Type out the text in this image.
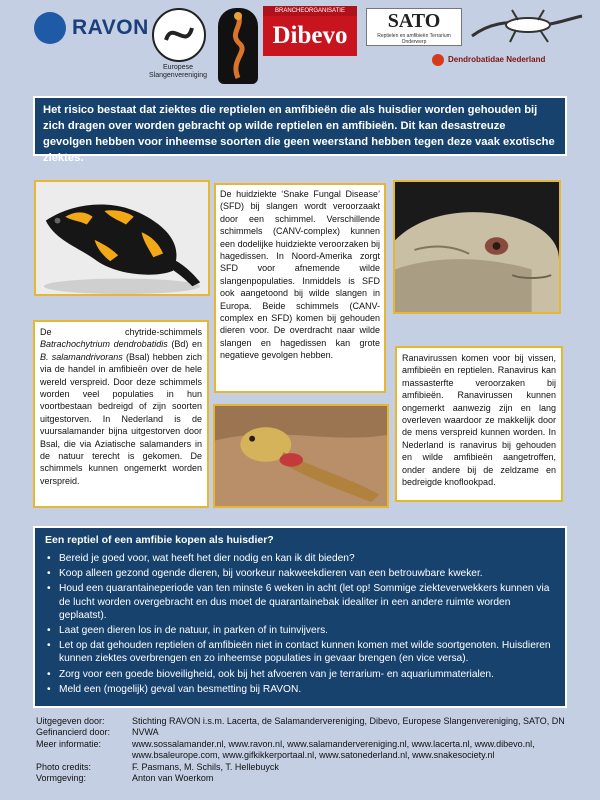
RAVON
Europese Slangenvereniging
BRANCHEORGANISATIE
Dibevo
SATO
Reptielen en amfibieën Terrarium Onderwerp
Dendrobatidae Nederland
Het risico bestaat dat ziektes die reptielen en amfibieën die als huisdier worden gehouden bij zich dragen over worden gebracht op wilde reptielen en amfibieën. Dit kan desastreuze gevolgen hebben voor inheemse soorten die geen weerstand hebben tegen deze vaak exotische ziektes.
De huidziekte ‘Snake Fungal Disease’ (SFD) bij slangen wordt veroorzaakt door een schimmel. Verschillende schimmels (CANV-complex) kunnen een dodelijke huidziekte veroorzaken bij hagedissen. In Noord-Amerika zorgt SFD voor afnemende wilde slangenpopulaties. Inmiddels is SFD ook aangetoond bij wilde slangen in Europa. Beide schimmels (CANV-complex en SFD) komen bij gehouden dieren voor. De overdracht naar wilde slangen en hagedissen kan grote negatieve gevolgen hebben.
De chytride-schimmels Batrachochytrium dendrobatidis (Bd) en B. salamandrivorans (Bsal) hebben zich via de handel in amfibieën over de hele wereld verspreid. Door deze schimmels worden veel populaties in hun voortbestaan bedreigd of zijn soorten uitgestorven. In Nederland is de vuursalamander bijna uitgestorven door Bsal, die via Aziatische salamanders in de natuur terecht is gekomen. De schimmels kunnen ongemerkt worden verspreid.
Ranavirussen komen voor bij vissen, amfibieën en reptielen. Ranavirus kan massasterfte veroorzaken bij amfibieën. Ranavirussen kunnen ongemerkt aanwezig zijn en lang overleven waardoor ze makkelijk door de mens verspreid kunnen worden. In Nederland is ranavirus bij gehouden en wilde amfibieën aangetroffen, onder andere bij de zeldzame en bedreigde knoflookpad.
Een reptiel of een amfibie kopen als huisdier?
• Bereid je goed voor, wat heeft het dier nodig en kan ik dit bieden?
• Koop alleen gezond ogende dieren, bij voorkeur nakweekdieren van een betrouwbare kweker.
• Houd een quarantaineperiode van ten minste 6 weken in acht (let op! Sommige ziekteverwekkers kunnen via de lucht worden overgebracht en dus moet de quarantainebak idealiter in een andere ruimte worden geplaatst).
• Laat geen dieren los in de natuur, in parken of in tuinvijvers.
• Let op dat gehouden reptielen of amfibieën niet in contact kunnen komen met wilde soortgenoten. Huisdieren kunnen ziektes overbrengen en zo inheemse populaties in gevaar brengen (en vice versa).
• Zorg voor een goede bioveiligheid, ook bij het afvoeren van je terrarium- en aquariummaterialen.
• Meld een (mogelijk) geval van besmetting bij RAVON.
Uitgegeven door:	Stichting RAVON i.s.m. Lacerta, de Salamandervereniging, Dibevo, Europese Slangenvereniging, SATO, DN
Gefinancierd door:	NVWA
Meer informatie:	www.sossalamander.nl, www.ravon.nl, www.salamandervereniging.nl, www.lacerta.nl, www.dibevo.nl, www.bsaleurope.com, www.gifkikkerportaal.nl, www.satonederland.nl, www.snakesociety.nl
Photo credits:	F. Pasmans, M. Schils, T. Hellebuyck
Vormgeving:	Anton van Woerkom
